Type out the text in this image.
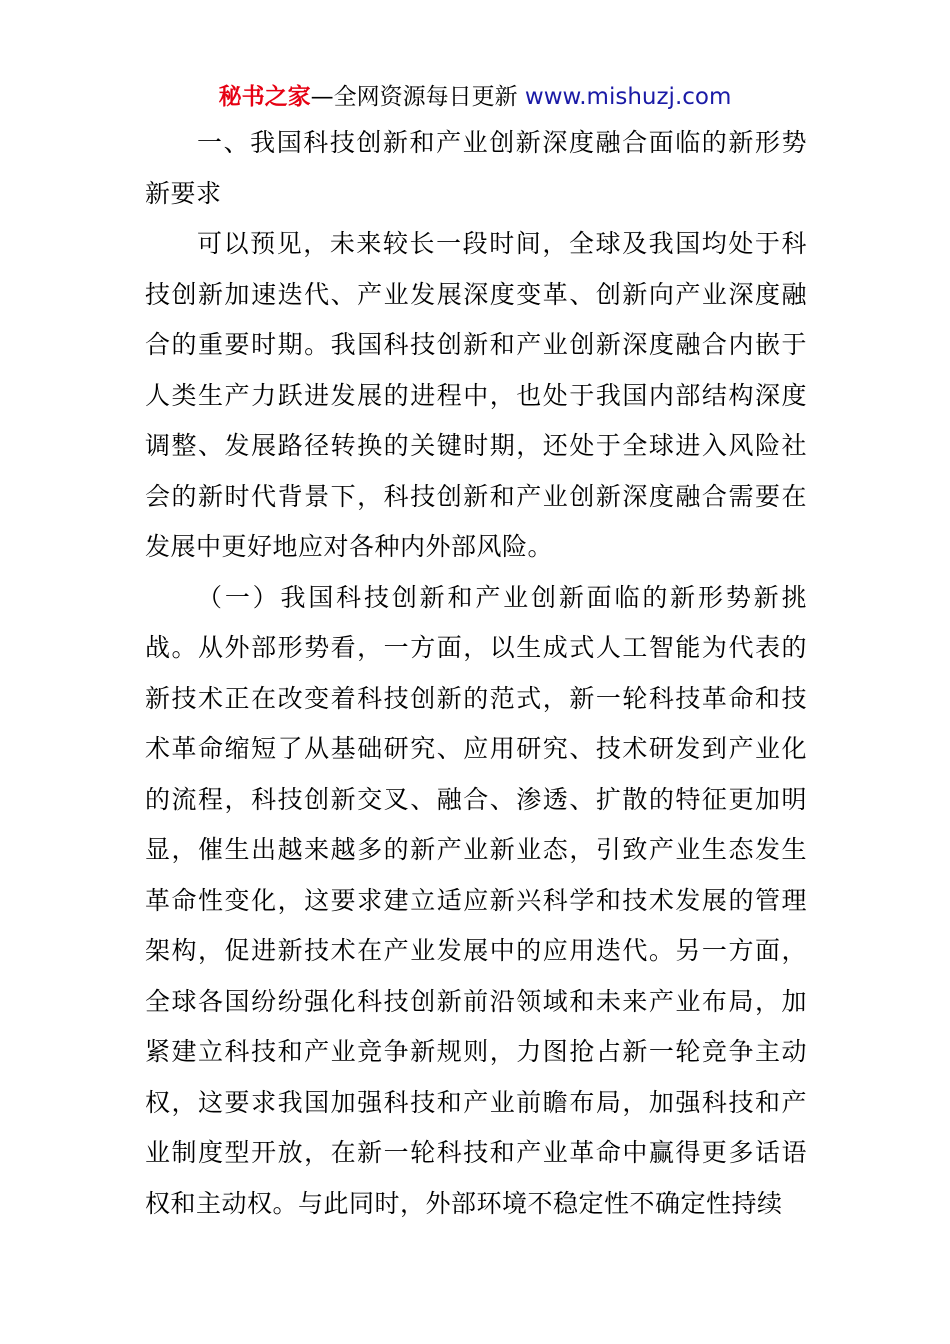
秘书之家—全网资源每日更新 www.mishuzj.com

一、我国科技创新和产业创新深度融合面临的新形势新要求

可以预见，未来较长一段时间，全球及我国均处于科技创新加速迭代、产业发展深度变革、创新向产业深度融合的重要时期。我国科技创新和产业创新深度融合内嵌于人类生产力跃进发展的进程中，也处于我国内部结构深度调整、发展路径转换的关键时期，还处于全球进入风险社会的新时代背景下，科技创新和产业创新深度融合需要在发展中更好地应对各种内外部风险。

（一）我国科技创新和产业创新面临的新形势新挑战。从外部形势看，一方面，以生成式人工智能为代表的新技术正在改变着科技创新的范式，新一轮科技革命和技术革命缩短了从基础研究、应用研究、技术研发到产业化的流程，科技创新交叉、融合、渗透、扩散的特征更加明显，催生出越来越多的新产业新业态，引致产业生态发生革命性变化，这要求建立适应新兴科学和技术发展的管理架构，促进新技术在产业发展中的应用迭代。另一方面，全球各国纷纷强化科技创新前沿领域和未来产业布局，加紧建立科技和产业竞争新规则，力图抢占新一轮竞争主动权，这要求我国加强科技和产业前瞻布局，加强科技和产业制度型开放，在新一轮科技和产业革命中赢得更多话语权和主动权。与此同时，外部环境不稳定性不确定性持续
